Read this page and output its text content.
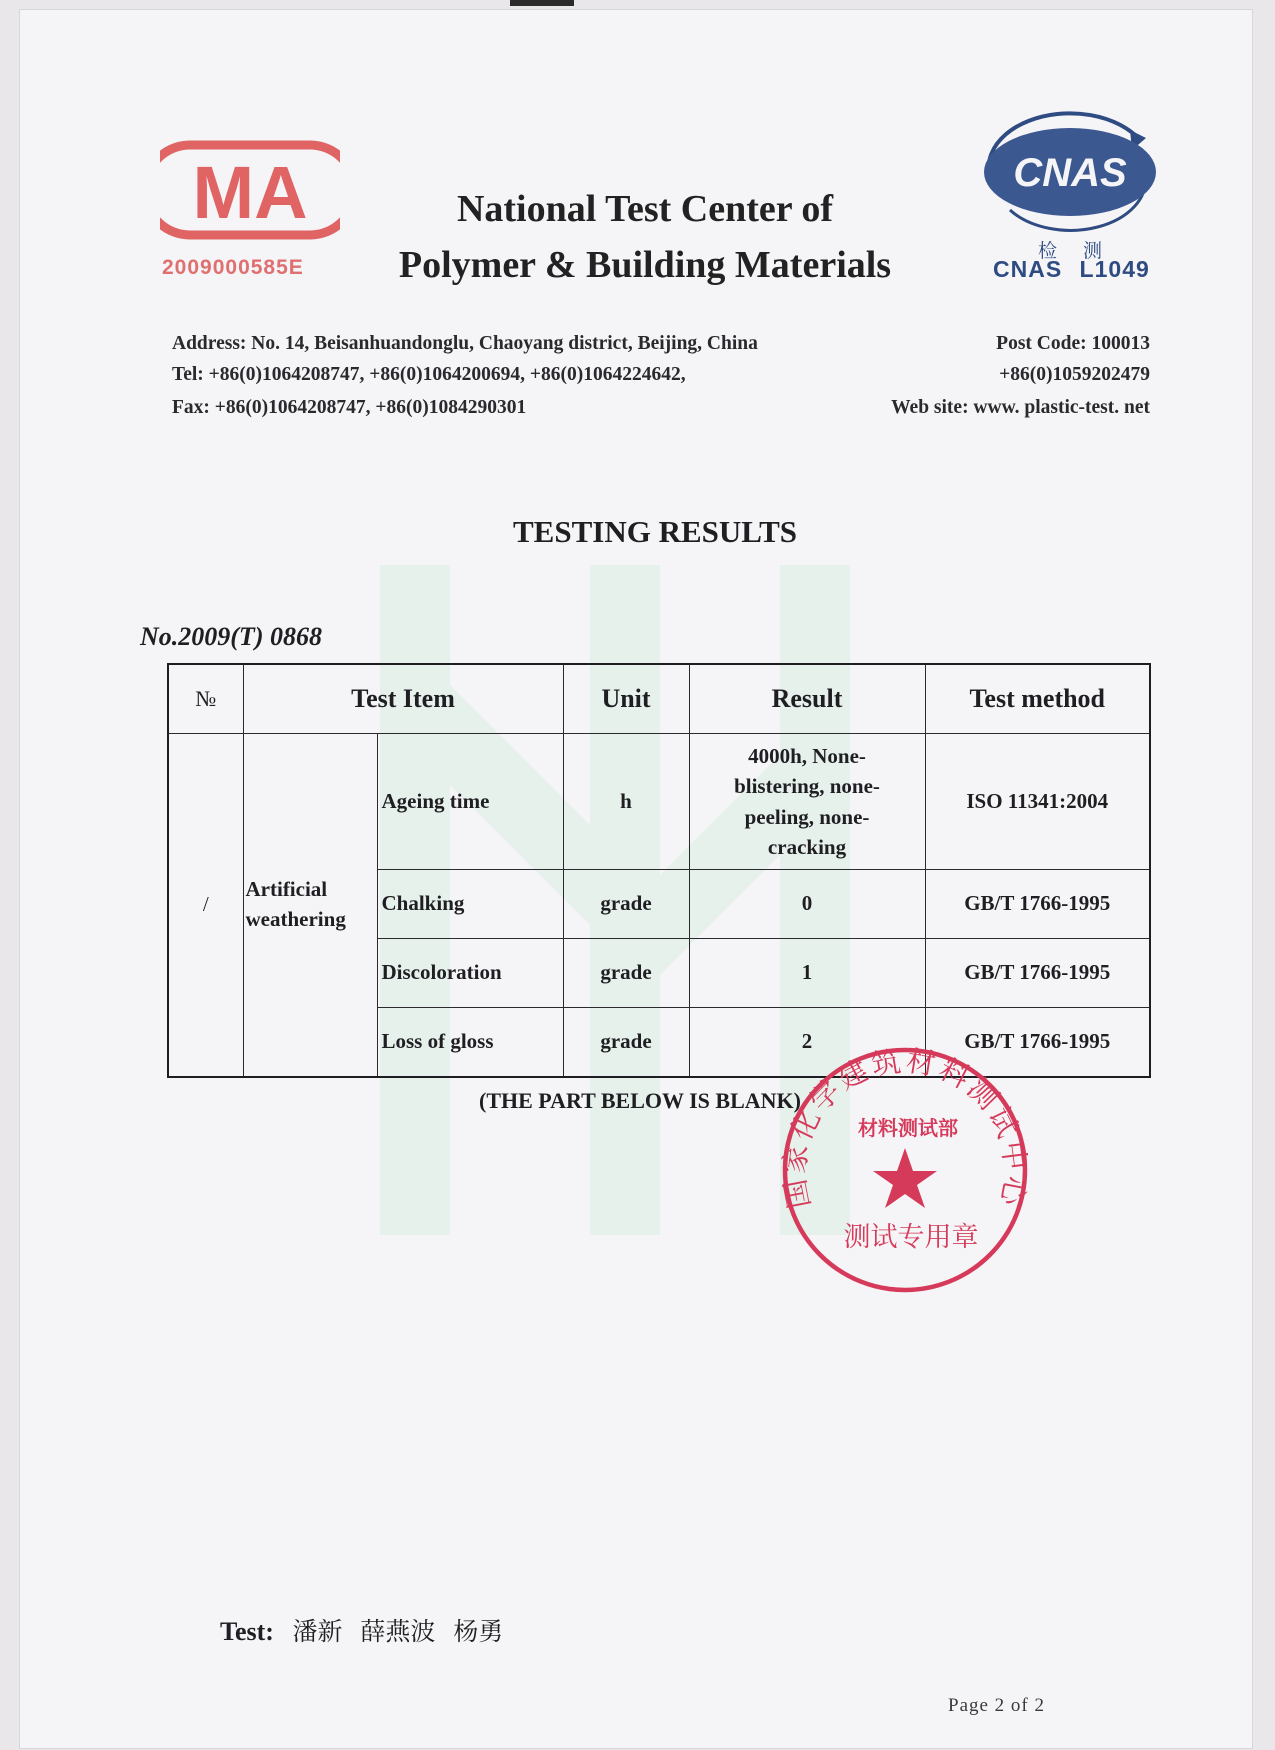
MA
2009000585E
CNAS
检 测
CNAS L1049
National Test Center of
Polymer & Building Materials
Address: No. 14, Beisanhuandonglu, Chaoyang district, Beijing, China	Post Code: 100013
Tel: +86(0)1064208747, +86(0)1064200694, +86(0)1064224642,	+86(0)1059202479
Fax: +86(0)1064208747, +86(0)1084290301	Web site: www. plastic-test. net
TESTING RESULTS
No.2009(T) 0868
№	Test Item		Unit	Result	Test method
/	Artificial weathering	Ageing time	h	4000h, None-blistering, none-peeling, none-cracking	ISO 11341:2004
		Chalking	grade	0	GB/T 1766-1995
		Discoloration	grade	1	GB/T 1766-1995
		Loss of gloss	grade	2	GB/T 1766-1995
(THE PART BELOW IS BLANK)
国家化学建筑材料测试中心
材料测试部
测试专用章
Test: 潘新 薛燕波 杨勇
Page 2 of 2
